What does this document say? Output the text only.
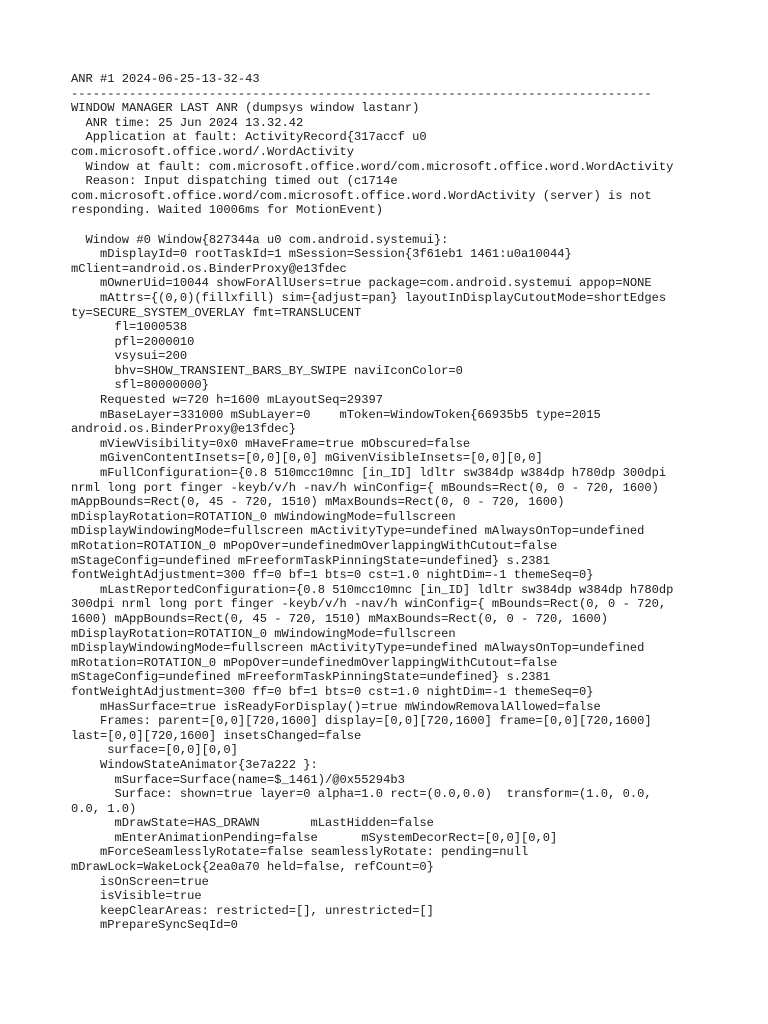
ANR #1 2024-06-25-13-32-43
--------------------------------------------------------------------------------
WINDOW MANAGER LAST ANR (dumpsys window lastanr)
ANR time: 25 Jun 2024 13.32.42
Application at fault: ActivityRecord{317accf u0
com.microsoft.office.word/.WordActivity
Window at fault: com.microsoft.office.word/com.microsoft.office.word.WordActivity
Reason: Input dispatching timed out (c1714e
com.microsoft.office.word/com.microsoft.office.word.WordActivity (server) is not
responding. Waited 10006ms for MotionEvent)
Window #0 Window{827344a u0 com.android.systemui}:
mDisplayId=0 rootTaskId=1 mSession=Session{3f61eb1 1461:u0a10044}
mClient=android.os.BinderProxy@e13fdec
mOwnerUid=10044 showForAllUsers=true package=com.android.systemui appop=NONE
mAttrs={(0,0)(fillxfill) sim={adjust=pan} layoutInDisplayCutoutMode=shortEdges
ty=SECURE_SYSTEM_OVERLAY fmt=TRANSLUCENT
fl=1000538
pfl=2000010
vsysui=200
bhv=SHOW_TRANSIENT_BARS_BY_SWIPE naviIconColor=0
sfl=80000000}
Requested w=720 h=1600 mLayoutSeq=29397
mBaseLayer=331000 mSubLayer=0    mToken=WindowToken{66935b5 type=2015
android.os.BinderProxy@e13fdec}
mViewVisibility=0x0 mHaveFrame=true mObscured=false
mGivenContentInsets=[0,0][0,0] mGivenVisibleInsets=[0,0][0,0]
mFullConfiguration={0.8 510mcc10mnc [in_ID] ldltr sw384dp w384dp h780dp 300dpi
nrml long port finger -keyb/v/h -nav/h winConfig={ mBounds=Rect(0, 0 - 720, 1600)
mAppBounds=Rect(0, 45 - 720, 1510) mMaxBounds=Rect(0, 0 - 720, 1600)
mDisplayRotation=ROTATION_0 mWindowingMode=fullscreen
mDisplayWindowingMode=fullscreen mActivityType=undefined mAlwaysOnTop=undefined
mRotation=ROTATION_0 mPopOver=undefinedmOverlappingWithCutout=false
mStageConfig=undefined mFreeformTaskPinningState=undefined} s.2381
fontWeightAdjustment=300 ff=0 bf=1 bts=0 cst=1.0 nightDim=-1 themeSeq=0}
mLastReportedConfiguration={0.8 510mcc10mnc [in_ID] ldltr sw384dp w384dp h780dp
300dpi nrml long port finger -keyb/v/h -nav/h winConfig={ mBounds=Rect(0, 0 - 720,
1600) mAppBounds=Rect(0, 45 - 720, 1510) mMaxBounds=Rect(0, 0 - 720, 1600)
mDisplayRotation=ROTATION_0 mWindowingMode=fullscreen
mDisplayWindowingMode=fullscreen mActivityType=undefined mAlwaysOnTop=undefined
mRotation=ROTATION_0 mPopOver=undefinedmOverlappingWithCutout=false
mStageConfig=undefined mFreeformTaskPinningState=undefined} s.2381
fontWeightAdjustment=300 ff=0 bf=1 bts=0 cst=1.0 nightDim=-1 themeSeq=0}
mHasSurface=true isReadyForDisplay()=true mWindowRemovalAllowed=false
Frames: parent=[0,0][720,1600] display=[0,0][720,1600] frame=[0,0][720,1600]
last=[0,0][720,1600] insetsChanged=false
surface=[0,0][0,0]
WindowStateAnimator{3e7a222 }:
mSurface=Surface(name=$_1461)/@0x55294b3
Surface: shown=true layer=0 alpha=1.0 rect=(0.0,0.0)  transform=(1.0, 0.0,
0.0, 1.0)
mDrawState=HAS_DRAWN       mLastHidden=false
mEnterAnimationPending=false      mSystemDecorRect=[0,0][0,0]
mForceSeamlesslyRotate=false seamlesslyRotate: pending=null
mDrawLock=WakeLock{2ea0a70 held=false, refCount=0}
isOnScreen=true
isVisible=true
keepClearAreas: restricted=[], unrestricted=[]
mPrepareSyncSeqId=0
